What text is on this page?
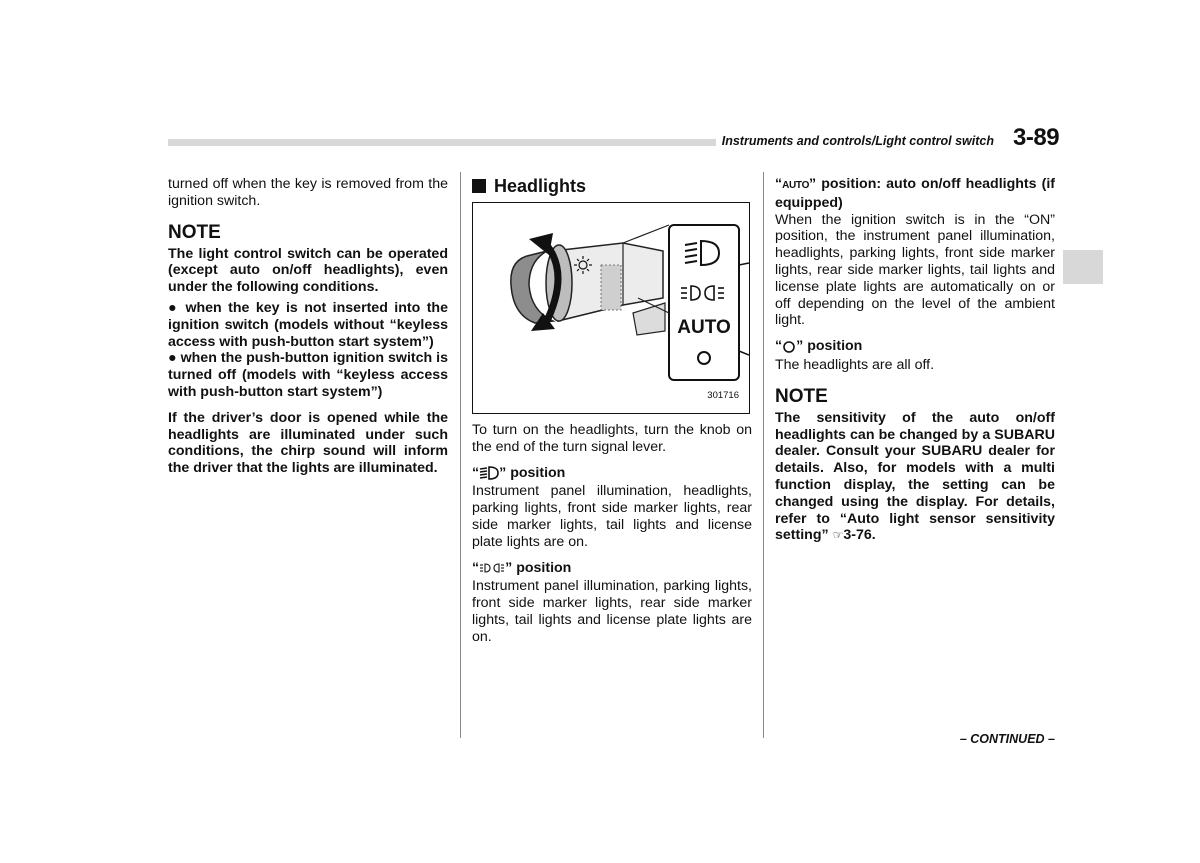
Instruments and controls/Light control switch 3-89

turned off when the key is removed from the ignition switch.

NOTE

The light control switch can be operated (except auto on/off headlights), even under the following conditions.

● when the key is not inserted into the ignition switch (models without “keyless access with push-button start system”)

● when the push-button ignition switch is turned off (models with “keyless access with push-button start system”)

If the driver’s door is opened while the headlights are illuminated under such conditions, the chirp sound will inform the driver that the lights are illuminated.

Headlights
AUTO
301716

To turn on the headlights, turn the knob on the end of the turn signal lever.

“ ” position

Instrument panel illumination, headlights, parking lights, front side marker lights, rear side marker lights, tail lights and license plate lights are on.

“ ” position

Instrument panel illumination, parking lights, front side marker lights, rear side marker lights, tail lights and license plate lights are on.

“AUTO” position: auto on/off headlights (if equipped)

When the ignition switch is in the “ON” position, the instrument panel illumination, headlights, parking lights, front side marker lights, rear side marker lights, tail lights and license plate lights are automatically on or off depending on the level of the ambient light.

“ ” position

The headlights are all off.

NOTE

The sensitivity of the auto on/off headlights can be changed by a SUBARU dealer. Consult your SUBARU dealer for details. Also, for models with a multi function display, the setting can be changed using the display. For details, refer to “Auto light sensor sensitivity setting” ☞3-76.

– CONTINUED –
